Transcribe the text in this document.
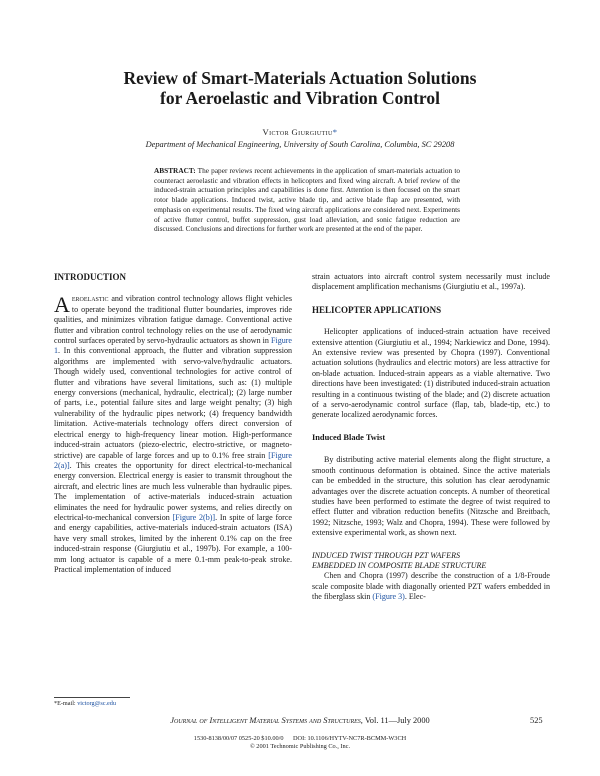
Review of Smart-Materials Actuation Solutions
for Aeroelastic and Vibration Control
Victor Giurgiutiu*
Department of Mechanical Engineering, University of South Carolina, Columbia, SC 29208
ABSTRACT: The paper reviews recent achievements in the application of smart-materials actuation to counteract aeroelastic and vibration effects in helicopters and fixed wing aircraft. A brief review of the induced-strain actuation principles and capabilities is done first. Attention is then focused on the smart rotor blade applications. Induced twist, active blade tip, and active blade flap are presented, with emphasis on experimental results. The fixed wing aircraft applications are considered next. Experiments of active flutter control, buffet suppression, gust load alleviation, and sonic fatigue reduction are discussed. Conclusions and directions for further work are presented at the end of the paper.
INTRODUCTION

Aeroelastic and vibration control technology allows flight vehicles to operate beyond the traditional flutter boundaries, improves ride qualities, and minimizes vibration fatigue damage. Conventional active flutter and vibration control technology relies on the use of aerodynamic control surfaces operated by servo-hydraulic actuators as shown in Figure 1. In this conventional approach, the flutter and vibration suppression algorithms are implemented with servo-valve/hydraulic actuators. Though widely used, conventional technologies for active control of flutter and vibrations have several limitations, such as: (1) multiple energy conversions (mechanical, hydraulic, electrical); (2) large number of parts, i.e., potential failure sites and large weight penalty; (3) high vulnerability of the hydraulic pipes network; (4) frequency bandwidth limitation. Active-materials technology offers direct conversion of electrical energy to high-frequency linear motion. High-performance induced-strain actuators (piezo-electric, electro-strictive, or magneto-strictive) are capable of large forces and up to 0.1% free strain [Figure 2(a)]. This creates the opportunity for direct electrical-to-mechanical energy conversion. Electrical energy is easier to transmit throughout the aircraft, and electric lines are much less vulnerable than hydraulic pipes. The implementation of active-materials induced-strain actuation eliminates the need for hydraulic power systems, and relies directly on electrical-to-mechanical conversion [Figure 2(b)]. In spite of large force and energy capabilities, active-materials induced-strain actuators (ISA) have very small strokes, limited by the inherent 0.1% cap on the free induced-strain response (Giurgiutiu et al., 1997b). For example, a 100-mm long actuator is capable of a mere 0.1-mm peak-to-peak stroke. Practical implementation of induced

strain actuators into aircraft control system necessarily must include displacement amplification mechanisms (Giurgiutiu et al., 1997a).

HELICOPTER APPLICATIONS

Helicopter applications of induced-strain actuation have received extensive attention (Giurgiutiu et al., 1994; Narkiewicz and Done, 1994). An extensive review was presented by Chopra (1997). Conventional actuation solutions (hydraulics and electric motors) are less attractive for on-blade actuation. Induced-strain appears as a viable alternative. Two directions have been investigated: (1) distributed induced-strain actuation resulting in a continuous twisting of the blade; and (2) discrete actuation of a servo-aerodynamic control surface (flap, tab, blade-tip, etc.) to generate localized aerodynamic forces.

Induced Blade Twist

By distributing active material elements along the flight structure, a smooth continuous deformation is obtained. Since the active materials can be embedded in the structure, this solution has clear aerodynamic advantages over the discrete actuation concepts. A number of theoretical studies have been performed to estimate the degree of twist required to effect flutter and vibration reduction benefits (Nitzsche and Breitbach, 1992; Nitzsche, 1993; Walz and Chopra, 1994). These were followed by extensive experimental work, as shown next.

INDUCED TWIST THROUGH PZT WAFERS
EMBEDDED IN COMPOSITE BLADE STRUCTURE

Chen and Chopra (1997) describe the construction of a 1/8-Froude scale composite blade with diagonally oriented PZT wafers embedded in the fiberglass skin (Figure 3). Elec-

*E-mail: victorg@sc.edu
Journal of Intelligent Material Systems and Structures, Vol. 11—July 2000	525
1530-8138/00/07 0525-20 $10.00/0      DOI: 10.1106/HYTV-NC7R-BCMM-W3CH
© 2001 Technomic Publishing Co., Inc.
